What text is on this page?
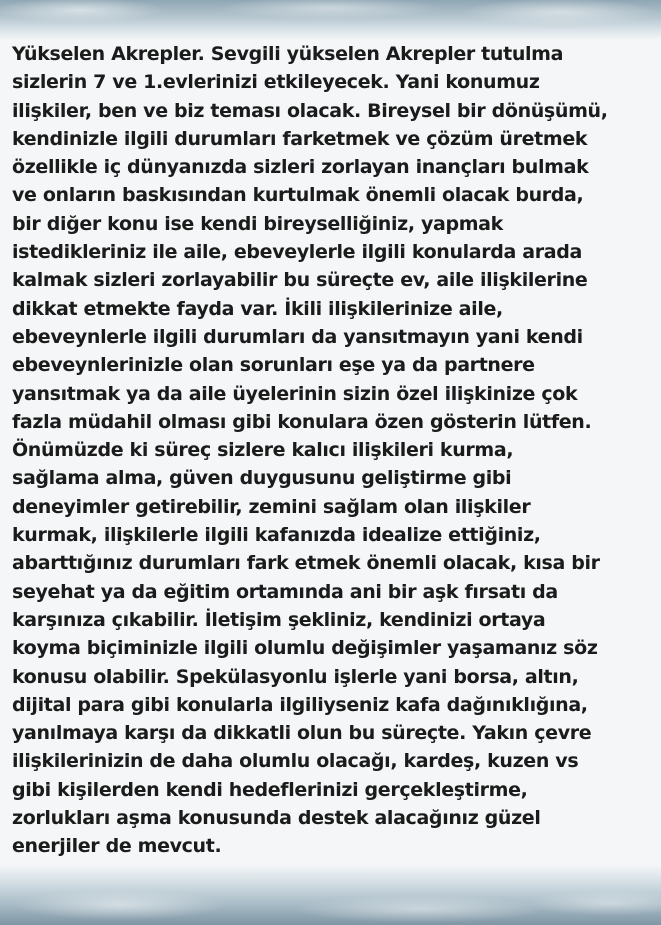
Yükselen Akrepler. Sevgili yükselen Akrepler tutulma
sizlerin 7 ve 1.evlerinizi etkileyecek. Yani konumuz
ilişkiler, ben ve biz teması olacak. Bireysel bir dönüşümü,
kendinizle ilgili durumları farketmek ve çözüm üretmek
özellikle iç dünyanızda sizleri zorlayan inançları bulmak
ve onların baskısından kurtulmak önemli olacak burda,
bir diğer konu ise kendi bireyselliğiniz, yapmak
istedikleriniz ile aile, ebeveylerle ilgili konularda arada
kalmak sizleri zorlayabilir bu süreçte ev, aile ilişkilerine
dikkat etmekte fayda var. İkili ilişkilerinize aile,
ebeveynlerle ilgili durumları da yansıtmayın yani kendi
ebeveynlerinizle olan sorunları eşe ya da partnere
yansıtmak ya da aile üyelerinin sizin özel ilişkinize çok
fazla müdahil olması gibi konulara özen gösterin lütfen.
Önümüzde ki süreç sizlere kalıcı ilişkileri kurma,
sağlama alma, güven duygusunu geliştirme gibi
deneyimler getirebilir, zemini sağlam olan ilişkiler
kurmak, ilişkilerle ilgili kafanızda idealize ettiğiniz,
abarttığınız durumları fark etmek önemli olacak, kısa bir
seyehat ya da eğitim ortamında ani bir aşk fırsatı da
karşınıza çıkabilir. İletişim şekliniz, kendinizi ortaya
koyma biçiminizle ilgili olumlu değişimler yaşamanız söz
konusu olabilir. Spekülasyonlu işlerle yani borsa, altın,
dijital para gibi konularla ilgiliyseniz kafa dağınıklığına,
yanılmaya karşı da dikkatli olun bu süreçte. Yakın çevre
ilişkilerinizin de daha olumlu olacağı, kardeş, kuzen vs
gibi kişilerden kendi hedeflerinizi gerçekleştirme,
zorlukları aşma konusunda destek alacağınız güzel
enerjiler de mevcut.
